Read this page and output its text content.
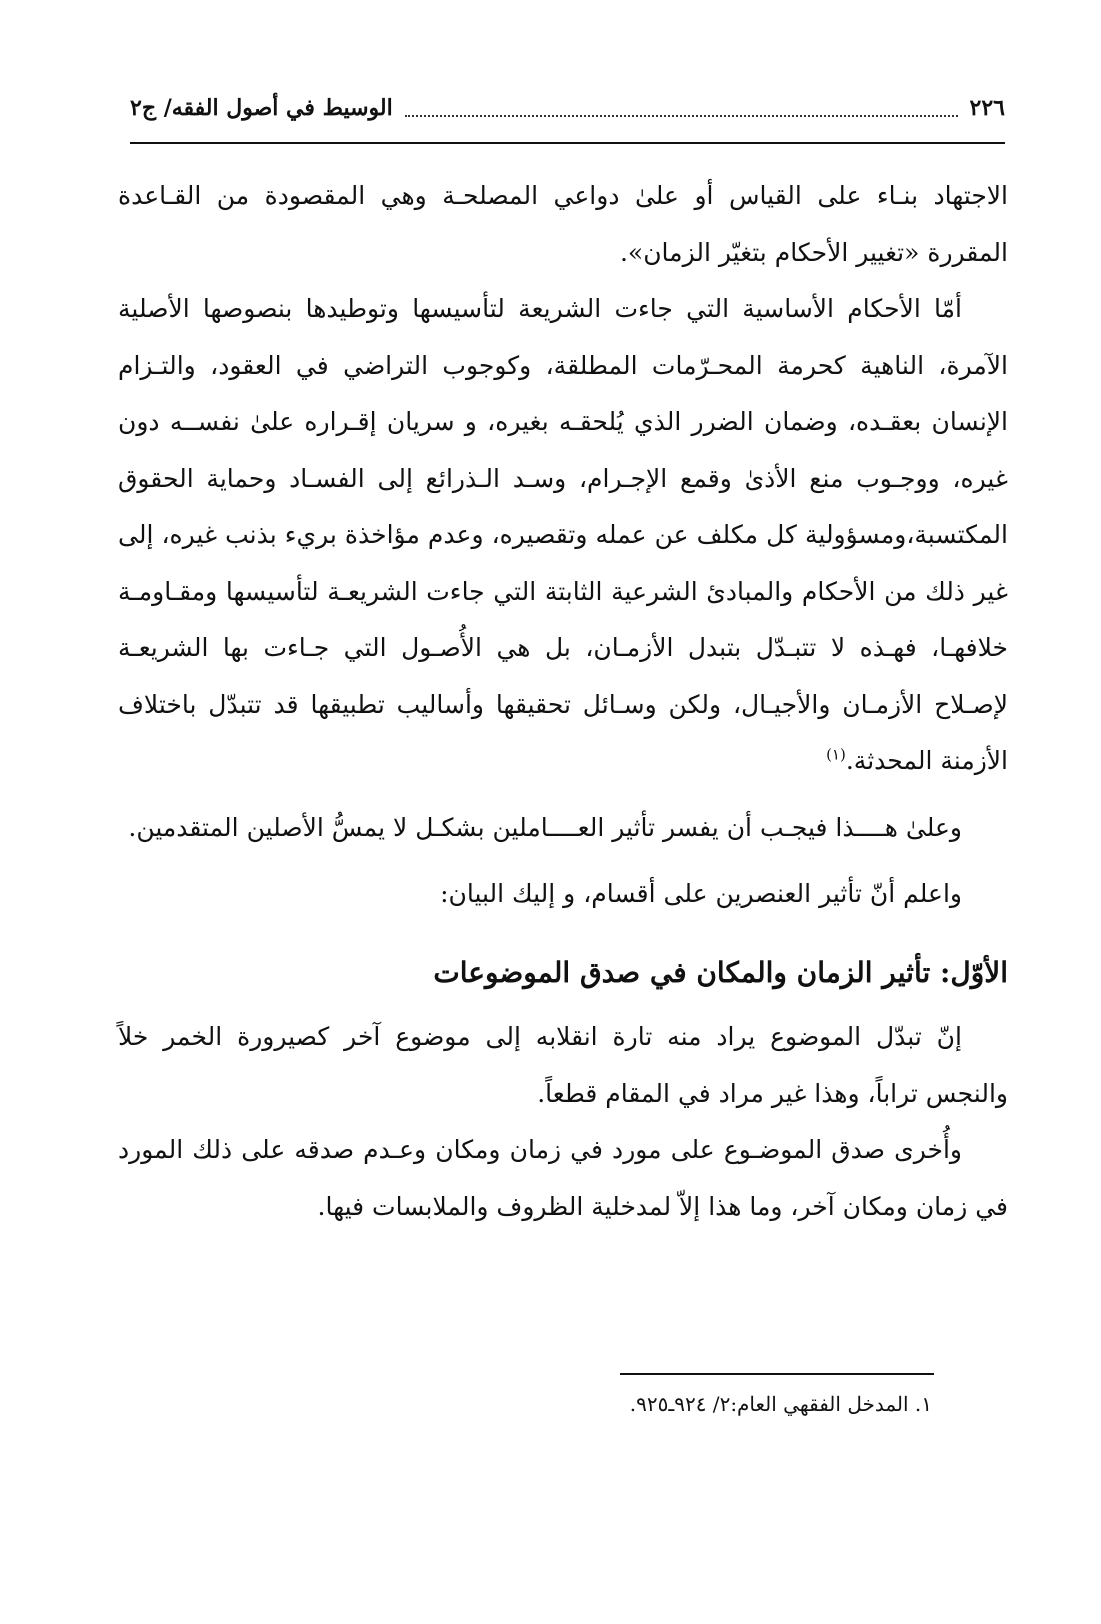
٢٢٦
الوسيط في أصول الفقه/ ج٢

الاجتهاد بنـاء على القياس أو علىٰ دواعي المصلحـة وهي المقصودة من القـاعدة المقررة «تغيير الأحكام بتغيّر الزمان».

أمّا الأحكام الأساسية التي جاءت الشريعة لتأسيسها وتوطيدها بنصوصها الأصلية الآمرة، الناهية كحرمة المحـرّمات المطلقة، وكوجوب التراضي في العقود، والتـزام الإنسان بعقـده، وضمان الضرر الذي يُلحقـه بغيره، و سريان إقـراره علىٰ نفســه دون غيره، ووجـوب منع الأذىٰ وقمع الإجـرام، وسـد الـذرائع إلى الفسـاد وحماية الحقوق المكتسبة،ومسؤولية كل مكلف عن عمله وتقصيره، وعدم مؤاخذة بريء بذنب غيره، إلى غير ذلك من الأحكام والمبادئ الشرعية الثابتة التي جاءت الشريعـة لتأسيسها ومقـاومـة خلافهـا، فهـذه لا تتبـدّل بتبدل الأزمـان، بل هي الأُصـول التي جـاءت بها الشريعـة لإصـلاح الأزمـان والأجيـال، ولكن وسـائل تحقيقها وأساليب تطبيقها قد تتبدّل باختلاف الأزمنة المحدثة.$^{(١)}$

وعلىٰ هــــذا فيجـب أن يفسر تأثير العــــاملين بشكـل لا يمسُّ الأصلين المتقدمين.

واعلم أنّ تأثير العنصرين على أقسام، و إليك البيان:

الأوّل: تأثير الزمان والمكان في صدق الموضوعات

إنّ تبدّل الموضوع يراد منه تارة انقلابه إلى موضوع آخر كصيرورة الخمر خلاً والنجس تراباً، وهذا غير مراد في المقام قطعاً.

وأُخرى صدق الموضـوع على مورد في زمان ومكان وعـدم صدقه على ذلك المورد في زمان ومكان آخر، وما هذا إلاّ لمدخلية الظروف والملابسات فيها.

١. المدخل الفقهي العام:٢/ ٩٢٤ـ٩٢٥.
